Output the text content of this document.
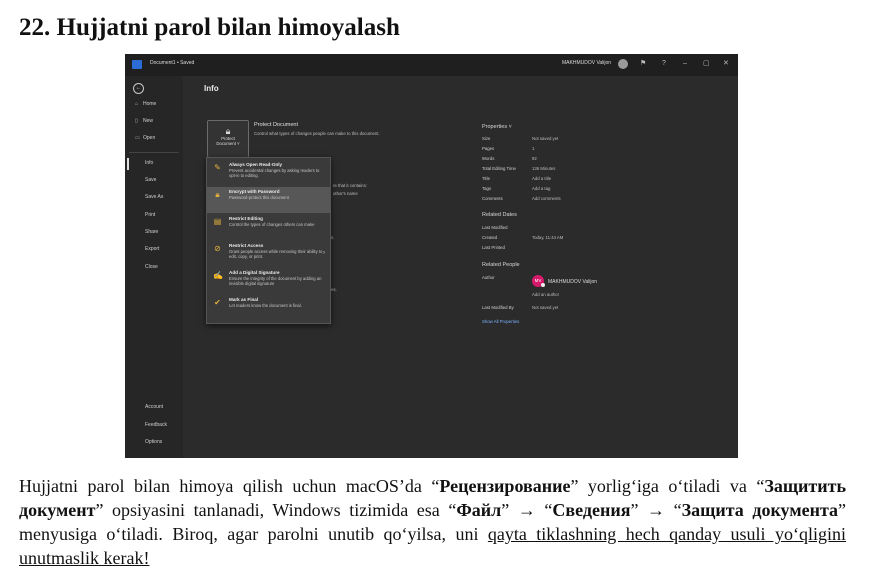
22. Hujjatni parol bilan himoyalash
Document1 • Saved	MAKHMUDOV Valijon	⚑ ? – ▢ ✕
←
⌂ Home
▯ New
▭ Open
Info
Save
Save As
Print
Share
Export
Close
Account
Feedback
Options
Info
🔒︎
Protect
Document ˅
Protect Document
Control what types of changes people can make to this document.
re that it contains:
uthor's name
s.
es.
✎ Always Open Read-Only
Prevent accidental changes by asking readers to opt-in to editing.
🔒︎	Encrypt with Password
Password-protect this document
▤ Restrict Editing
Control the types of changes others can make
⊘ Restrict Access
Grant people access while removing their ability to edit, copy, or print.
›
✍ Add a Digital Signature
Ensure the integrity of the document by adding an invisible digital signature
✔ Mark as Final
Let readers know the document is final.
Properties ˅
Size	Not saved yet
Pages	1
Words	92
Total Editing Time	136 Minutes
Title	Add a title
Tags	Add a tag
Comments	Add comments
Related Dates
Last Modified
Created	Today, 11:44 AM
Last Printed
Related People
Author
MV	MAKHMUDOV Valijon
Add an author
Last Modified By	Not saved yet
Show All Properties
Hujjatni parol bilan himoya qilish uchun macOS’da “Рецензирование” yorlig‘iga o‘tiladi va “Защитить документ” opsiyasini tanlanadi, Windows tizimida esa “Файл” → “Сведения” → “Защита документа” menyusiga o‘tiladi. Biroq, agar parolni unutib qo‘yilsa, uni qayta tiklashning hech qanday usuli yo‘qligini unutmaslik kerak!
